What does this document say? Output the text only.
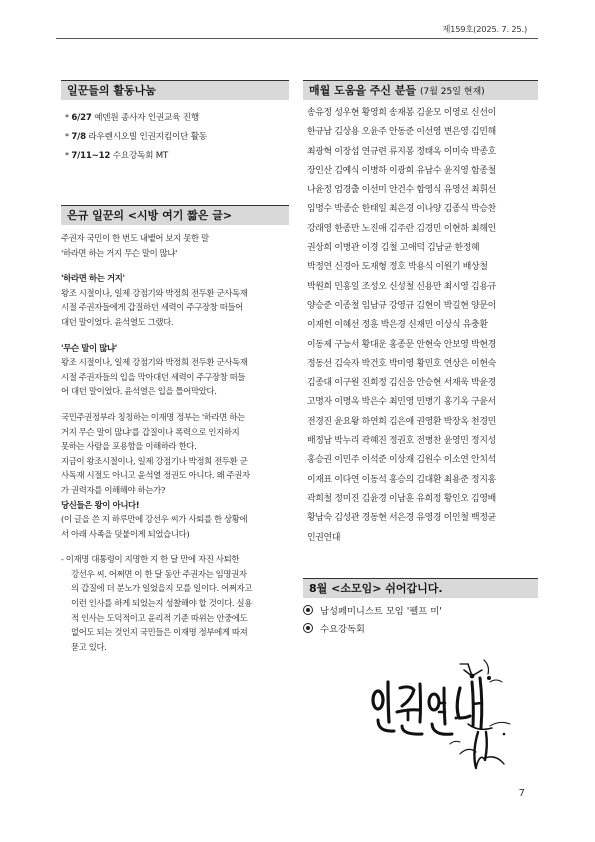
제159호(2025. 7. 25.)
일꾼들의 활동나눔
* 6/27 예덴원 종사자 인권교육 진행
* 7/8 라우렌시오빌 인권지킴이단 활동
* 7/11~12 수요강독회 MT
은규 일꾼의 <시방 여기 짧은 글>

주권자 국민이 한 번도 내뱉어 보지 못한 말

'하라면 하는 거지 무슨 말이 많냐'

'하라면 하는 거지'

왕조 시절이나, 일제 강점기와 박정희 전두환 군사독재

시절 주권자들에게 갑질하던 세력이 주구장창 떠들어

대던 말이었다. 윤석열도 그랬다.

'무슨 말이 많냐'

왕조 시절이나, 일제 강점기와 박정희 전두환 군사독재

시절 주권자들의 입을 막아대던 세력이 주구장창 떠들

어 대던 말이었다. 윤석열은 입을 틀어막았다.

국민주권정부라 칭칭하는 이재명 정부는 '하라면 하는

거지 무슨 말이 많냐'를 갑질이나 폭력으로 인지하지

못하는 사람을 포용함을 이해하라 한다.

지금이 왕조시절이나, 일제 강점기나 박정희 전두환 군

사독재 시절도 아니고 윤석열 정권도 아니다. 왜 주권자

가 권력자를 이해해야 하는가?

당신들은 왕이 아니다!

(이 글을 쓴 지 하루만에 강선우 씨가 사퇴를 한 상황에

서 아래 사족을 덧붙이게 되었습니다)

- 이재명 대통령이 지명한 지 한 달 만에 자진 사퇴한

강선우 씨. 어쩌면 이 한 달 동안 주권자는 임명권자

의 갑질에 더 분노가 일었을지 모를 일이다. 어쩌자고

이런 인사를 하게 되었는지 성찰해야 할 것이다. 실용

적 인사는 도덕적이고 윤리적 기준 따위는 안중에도

없어도 되는 것인지 국민들은 이재명 정부에게 따져

묻고 있다.

매월 도움을 주신 분들 (7월 25일 현재)
송유정 성우현 황영희 송재봉 김윤모 이영로 신선이
한규남 김상용 오윤주 안동준 이선영 변은영 김민해
최광혁 이장섭 연규련 류지봉 정태옥 이미숙 박종호
장인산 김예식 이병하 이광희 유남수 윤지영 함종철
나윤정 엄경출 이선미 안건수 함영식 유영선 최휘선
임명수 박종순 한태일 최은경 이나양 김종식 박승찬
강래영 한종만 노진애 김주란 김경민 이현하 최해인
권상희 이병관 이경 김철 고애덕 김남균 한정혜
박정연 신경아 도재형 정호 박용식 이원기 배상철
박원희 민홍일 조성오 신성철 신용만 최시영 김용규
양승준 이종철 임남규 강영규 김현이 박길현 양문이
이재헌 이혜선 정훈 박은경 신재민 이상식 유충환
이동제 구능서 황대운 홍종문 안현숙 안보영 박현경
정동선 김숙자 박건호 박미영 황민호 연상은 이현숙
김종대 이구원 진희정 김신응 안승현 서재욱 박윤경
고명자 이명옥 박은수 최민영 민병기 홍기옥 구윤서
전경진 윤요왕 하연희 김은애 권영환 박장옥 천경민
배정남 박누리 곽혜진 정권호 전병찬 윤영민 정지성
홍승권 이민주 이석준 이상재 김원수 이소연 안치석
이재표 이다연 이동석 홍승의 김대환 최용준 정지홍
곽희철 정미진 김윤경 이남훈 유희정 황인오 김영배
황남숙 김성관 경동현 서은경 유영경 이인철 백정균
인권연대
8월 <소모임> 쉬어갑니다.
남성페미니스트 모임 '펠프 미'
수요강독회
7
